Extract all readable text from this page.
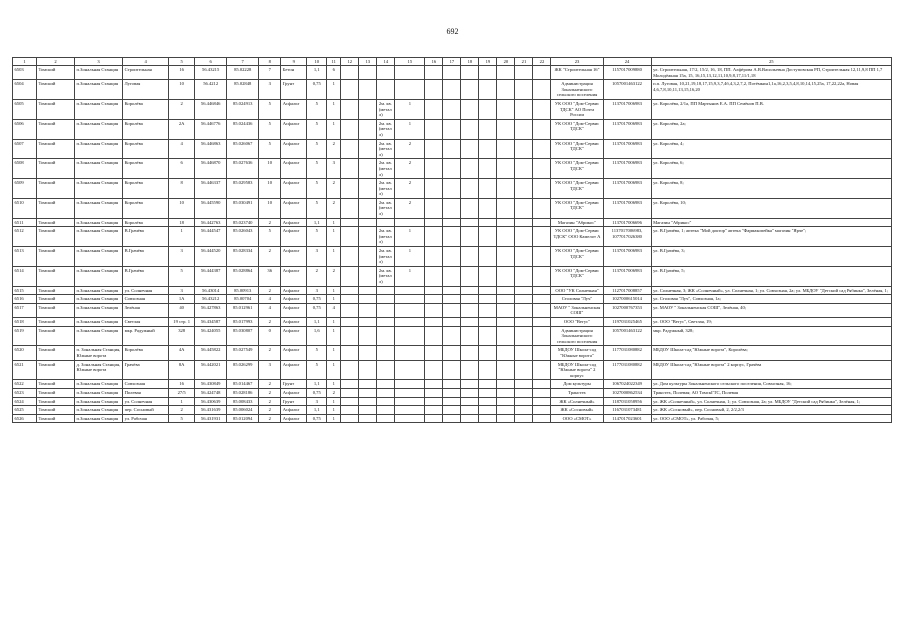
692
1	2	3	4	5	6	7	8	9	10	11	12	13	14	15	16	17	18	19	20	21	22	23	24	25
6503	Томский	п.Зональная Станция	Строительная	16	56.43215	85.02228	7	Бетон	1,1	6												ЖК "Строительная 16"	1157017009880	ул. Строительная, 17/2, 15/2, 16, 18, ПП. Алфёрова А.В.Васильевна Доступовская РП, Строительная 12,11,9,8 ПП 1,7 Молодёжная 15а, 15, 16,15,13,12,11,10,9,8,17,11/1,18
6504	Томский	п.Зональная Станция	Луговая	10	56.4212	85.02848	3	Грунт	0,75	1												Администрация Зональненского сельского поселения	1057001463122	п.п. Луговая, 10,21,19,18,17,15,9,3,7,4б,4,3,2,7,2, Потёмкин1,1а,16,2,3,5,4,8,10,14,15,25а, 17,22,22а, Новая 4,6,7,8,10,11,13,15,16,20
6505	Томский	п.Зональная Станция	Королёва	2	56.446846	85.024913	5	Асфальт	5	1			2м. кв. (металл)	1								УК ООО "Дом-Сервис ТДСК" АО Почта России	1137017006983	ул. Королёва, 2/1а, ПП Мартынов Е.А. ПП Семёнов П.В.
6506	Томский	п.Зональная Станция	Королёва	2А	56.446776	85.024436	5	Асфальт	5	1			2м. кв. (металл)	1								УК ООО "Дом-Сервис ТДСК"	1137017006983	ул. Королёва, 2а;
6507	Томский	п.Зональная Станция	Королёва	4	56.446863	85.026067	5	Асфальт	5	2			2м. кв. (металл)	2								УК ООО "Дом-Сервис ТДСК"	1137017006983	ул. Королёва, 4;
6508	Томский	п.Зональная Станция	Королёва	6	56.446870	85.027636	10	Асфальт	5	3			2м. кв. (металл)	2								УК ООО "Дом-Сервис ТДСК"	1137017006983	ул. Королёва, 6;
6509	Томский	п.Зональная Станция	Королёва	8	56.446337	85.029583	10	Асфальт	5	2			2м. кв. (металл)	2								УК ООО "Дом-Сервис ТДСК"	1137017006983	ул. Королёва, 8;
6510	Томский	п.Зональная Станция	Королёва	10	56.445590	85.030491	10	Асфальт	5	2			2м. кв. (металл)	2								УК ООО "Дом-Сервис ТДСК"	1137017006983	ул. Королёва, 10;
6511	Томский	п.Зональная Станция	Королёва	18	56.442763	85.023740	2	Асфальт	1,1	1												Магазин "Абрикос"	1137017006696	Магазин "Абрикос"
6512	Томский	п.Зональная Станция	В.Грачёва	1	56.444547	85.026043	5	Асфальт	5	1			2м. кв. (металл)	1								УК ООО "Дом-Сервис ТДСК" ООО Камелот А	1137017006983, 1077017026380	ул. В.Грачёва, 1; аптека "Мой доктор" аптека "Фармакопейка" магазин "Ярче";
6513	Томский	п.Зональная Станция	В.Грачёва	3	56.444520	85.028334	2	Асфальт	3	1			2м. кв. (металл)	1								УК ООО "Дом-Сервис ТДСК"	1137017006983	ул. В.Грачёва, 3;
6514	Томский	п.Зональная Станция	В.Грачёва	5	56.444387	85.028864	36	Асфальт	2	2			2м. кв. (металл)	1								УК ООО "Дом-Сервис ТДСК"	1137017006983	ул. В.Грачёва, 5;
6515	Томский	п.Зональная Станция	ул. Солнечная	3	56.43014	85.00913	2	Асфальт	3	1												ООО "УК Солнечная"	1127017008857	ул. Солнечная, 3; ЖК «Солнечный», ул. Солнечная, 1; ул. Совхозная, 2а; ул. МБДОУ "Детский сад Рябинка", Зелёная, 1;
6516	Томский	п.Зональная Станция	Совхозная	1А	56.43212	85.00704	4	Асфальт	0,75	1												Столовая "Луч"	1027000615014	ул. Столовая "Луч", Совхозная, 1а;
6517	Томский	п.Зональная Станция	Зелёная	40	56.427863	85.012961	4	Асфальт	0,75	4												МАОУ " Зональненская СОШ"	1027000767353	ул. МАОУ " Зональненская СОШ", Зелёная, 40;
6518	Томский	п.Зональная Станция	Светлая	19 стр. 1	56.434587	85.017993	2	Асфальт	1,1	1												ООО "Вегус"	1197031025465	ул. ООО "Вегус", Светлая, 19;
6519	Томский	п.Зональная Станция	мкр. Радужный	328	56.424055	85.030807	0	Асфальт	1,6	1												Администрация Зональненского сельского поселения	1057001463122	мкр. Радужный, 328;
6520	Томский	п. Зональная Станция, Южные ворота	Королёва	4А	56.445822	85.027549	2	Асфальт	5	1												МБДОУ Школа-сад "Южные ворота"	1177031080882	МБДОУ Школа-сад "Южные ворота", Королёва;
6521	Томский	д. Зональная Станция, Южные ворота	Грачёва	8А	56.442021	85.026299	3	Асфальт	5	1												МБДОУ Школа-сад "Южные ворота" 2 корпус	1177031080882	МБДОУ Школа-сад "Южные ворота" 2 корпус, Грачёва
6522	Томский	п.Зональная Станция	Совхозная	16	56.430849	85.014467	2	Грунт	1,1	1												Дом культуры	1067024022349	ул. Дом культуры Зональненского сельского поселения, Совхозная, 16;
6523	Томский	п.Зональная Станция	Полевая	27/5	56.424748	85.028186	2	Асфальт	0,75	2												Транстех	1027000862534	Транстех, Полевая; АО ТомскГТС, Полевая
6524	Томский	п.Зональная Станция	ул. Солнечная	1	56.430639	85.008433	2	Грунт	3	1												ЖК «Солнечный»	1187031058956	ул. ЖК «Солнечный», ул. Солнечная, 1; ул. Совхозная, 2а; ул. МБДОУ "Детский сад Рябинка", Зелёная, 1;
6525	Томский	п.Зональная Станция	пер. Сосновый	2	56.431639	85.006024	2	Асфальт	1,1	1												ЖК «Сосновый»	1167031073481	ул. ЖК «Сосновый», пер. Сосновый, 2, 2/2,2/3
6526	Томский	п.Зональная Станция	ул. Рабочая	5	56.431931	85.012094	2	Асфальт	0,75	1												ООО «СМОТ»	1147017023601	ул. ООО «СМОТ», ул. Рабочая, 5;
